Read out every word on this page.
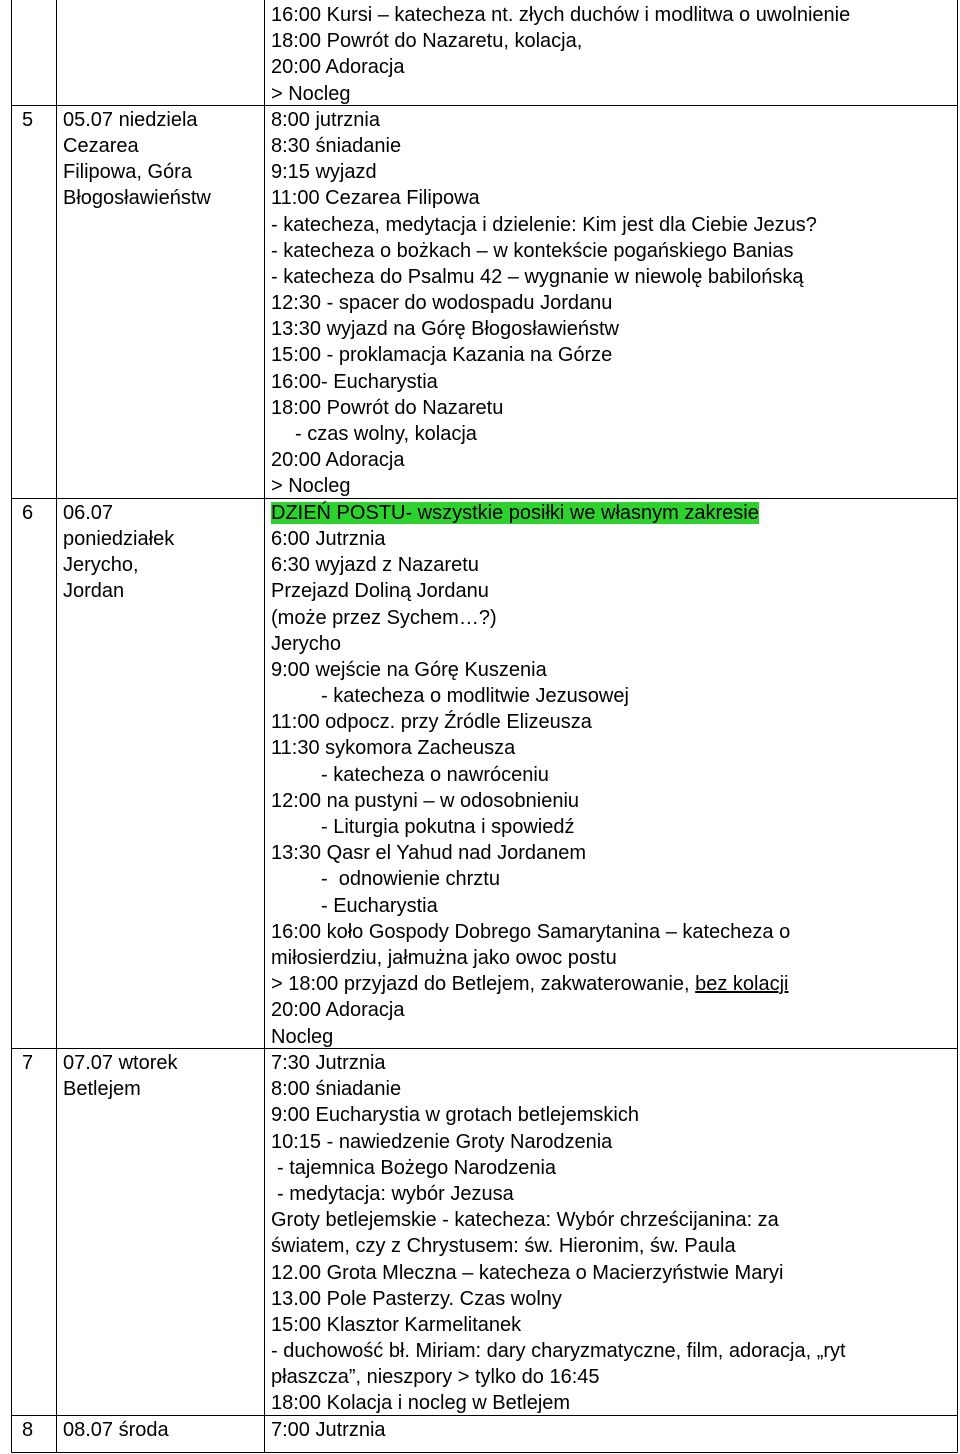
16:00 Kursi – katecheza nt. złych duchów i modlitwa o uwolnienie
18:00 Powrót do Nazaretu, kolacja,
20:00 Adoracja
> Nocleg
5 05.07 niedziela
Cezarea
Filipowa, Góra
Błogosławieństw
8:00 jutrznia
8:30 śniadanie
9:15 wyjazd
11:00 Cezarea Filipowa
- katecheza, medytacja i dzielenie: Kim jest dla Ciebie Jezus?
- katecheza o bożkach – w kontekście pogańskiego Banias
- katecheza do Psalmu 42 – wygnanie w niewolę babilońską
12:30 - spacer do wodospadu Jordanu
13:30 wyjazd na Górę Błogosławieństw
15:00 - proklamacja Kazania na Górze
16:00- Eucharystia
18:00 Powrót do Nazaretu
- czas wolny, kolacja
20:00 Adoracja
> Nocleg
6 06.07
poniedziałek
Jerycho,
Jordan
DZIEŃ POSTU- wszystkie posiłki we własnym zakresie
6:00 Jutrznia
6:30 wyjazd z Nazaretu
Przejazd Doliną Jordanu
(może przez Sychem…?)
Jerycho
9:00 wejście na Górę Kuszenia
- katecheza o modlitwie Jezusowej
11:00 odpocz. przy Źródle Elizeusza
11:30 sykomora Zacheusza
- katecheza o nawróceniu
12:00 na pustyni – w odosobnieniu
- Liturgia pokutna i spowiedź
13:30 Qasr el Yahud nad Jordanem
-  odnowienie chrztu
- Eucharystia
16:00 koło Gospody Dobrego Samarytanina – katecheza o
miłosierdziu, jałmużna jako owoc postu
> 18:00 przyjazd do Betlejem, zakwaterowanie, bez kolacji
20:00 Adoracja
Nocleg
7 07.07 wtorek
Betlejem
7:30 Jutrznia
8:00 śniadanie
9:00 Eucharystia w grotach betlejemskich
10:15 - nawiedzenie Groty Narodzenia
- tajemnica Bożego Narodzenia
- medytacja: wybór Jezusa
Groty betlejemskie - katecheza: Wybór chrześcijanina: za
światem, czy z Chrystusem: św. Hieronim, św. Paula
12.00 Grota Mleczna – katecheza o Macierzyństwie Maryi
13.00 Pole Pasterzy. Czas wolny
15:00 Klasztor Karmelitanek
- duchowość bł. Miriam: dary charyzmatyczne, film, adoracja, „ryt
płaszcza”, nieszpory > tylko do 16:45
18:00 Kolacja i nocleg w Betlejem
8 08.07 środa	7:00 Jutrznia
